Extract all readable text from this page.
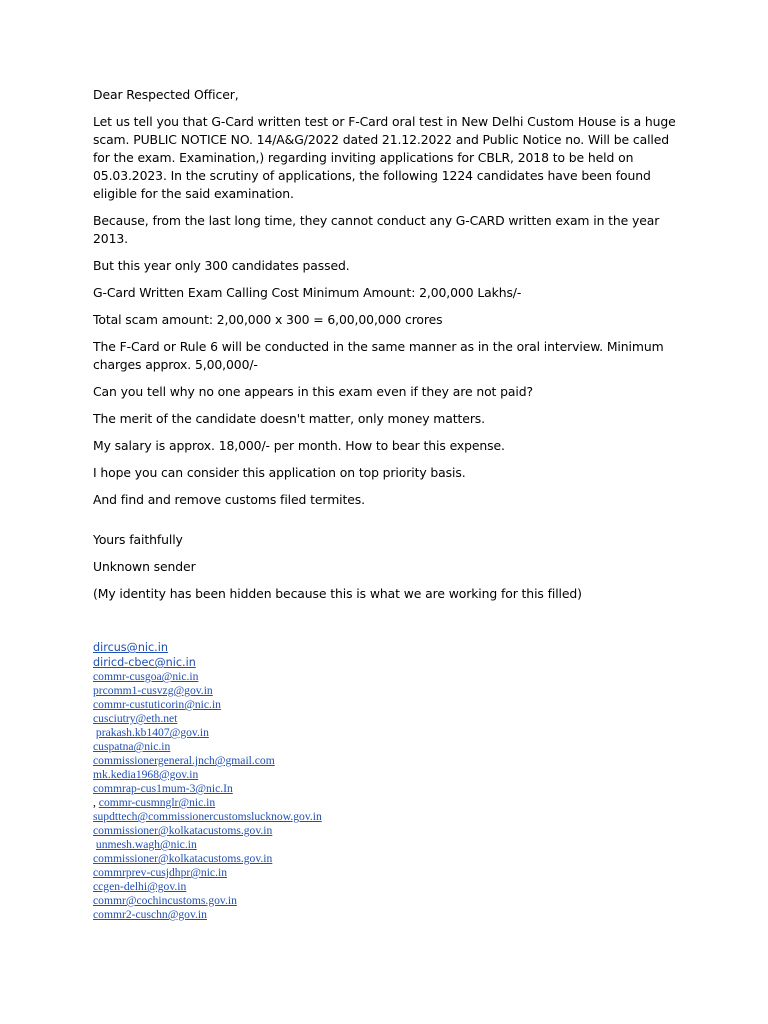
Dear Respected Officer,

Let us tell you that G-Card written test or F-Card oral test in New Delhi Custom House is a huge scam. PUBLIC NOTICE NO. 14/A&G/2022 dated 21.12.2022 and Public Notice no. Will be called for the exam. Examination,) regarding inviting applications for CBLR, 2018 to be held on 05.03.2023. In the scrutiny of applications, the following 1224 candidates have been found eligible for the said examination.

Because, from the last long time, they cannot conduct any G-CARD written exam in the year 2013.

But this year only 300 candidates passed.

G-Card Written Exam Calling Cost Minimum Amount: 2,00,000 Lakhs/-

Total scam amount: 2,00,000 x 300 = 6,00,00,000 crores

The F-Card or Rule 6 will be conducted in the same manner as in the oral interview. Minimum charges approx. 5,00,000/-

Can you tell why no one appears in this exam even if they are not paid?

The merit of the candidate doesn't matter, only money matters.

My salary is approx. 18,000/- per month. How to bear this expense.

I hope you can consider this application on top priority basis.

And find and remove customs filed termites.

Yours faithfully

Unknown sender

(My identity has been hidden because this is what we are working for this filled)

dircus@nic.in
diricd-cbec@nic.in
commr-cusgoa@nic.in
prcomm1-cusvzg@gov.in
commr-custuticorin@nic.in
cusciutry@eth.net
prakash.kb1407@gov.in
cuspatna@nic.in
commissionergeneral.jnch@gmail.com
mk.kedia1968@gov.in
commrap-cus1mum-3@nic.In
, commr-cusmnglr@nic.in
supdttech@commissionercustomslucknow.gov.in
commissioner@kolkatacustoms.gov.in
unmesh.wagh@nic.in
commissioner@kolkatacustoms.gov.in
commrprev-cusjdhpr@nic.in
ccgen-delhi@gov.in
commr@cochincustoms.gov.in
commr2-cuschn@gov.in
